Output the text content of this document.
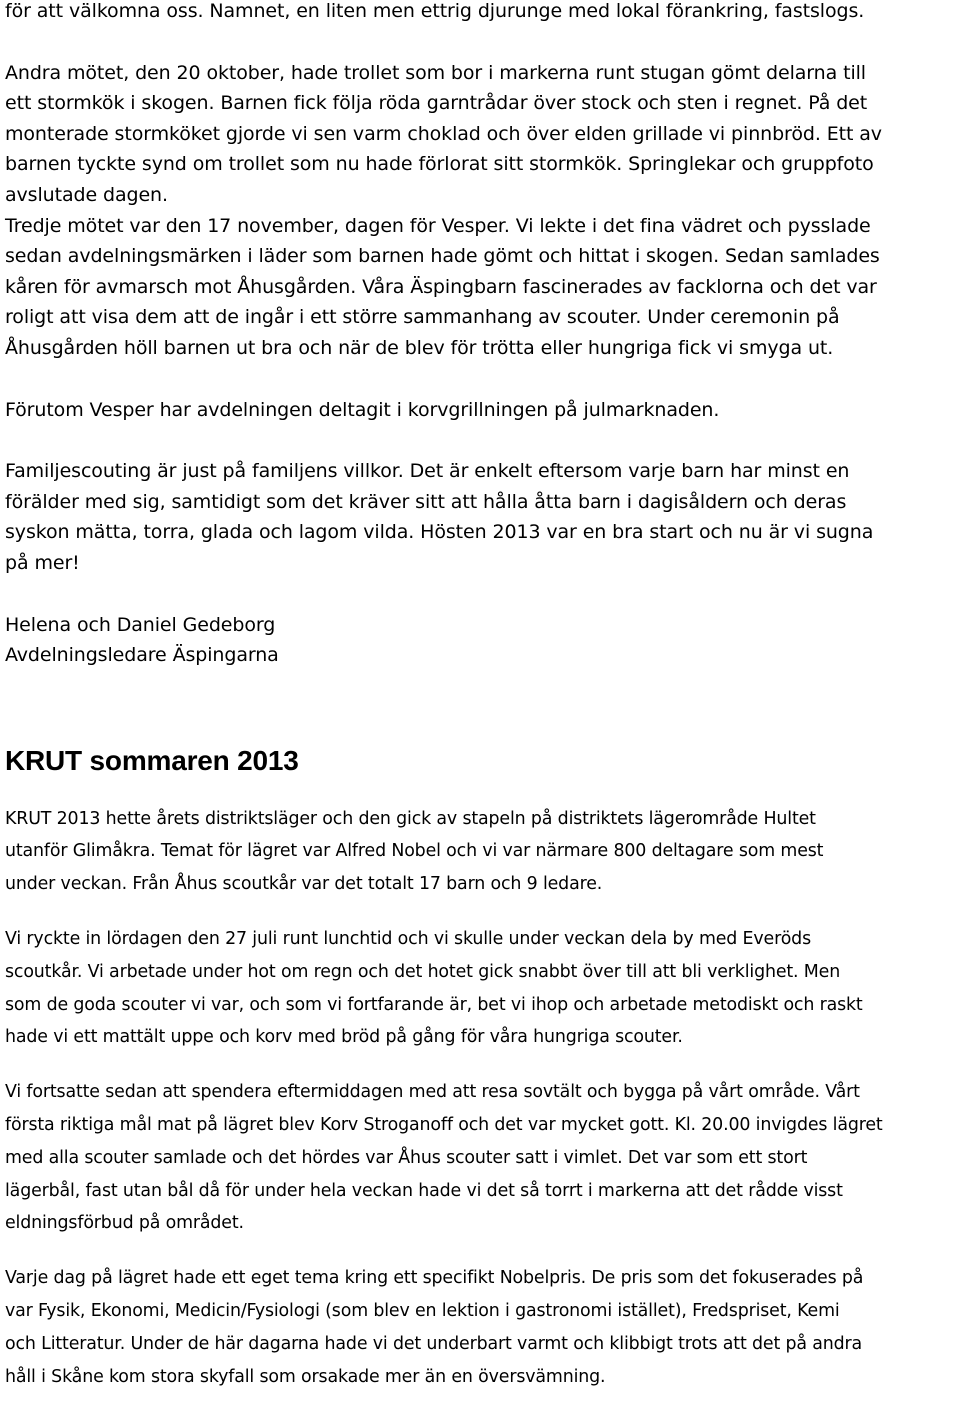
för att välkomna oss. Namnet, en liten men ettrig djurunge med lokal förankring, fastslogs.

Andra mötet, den 20 oktober, hade trollet som bor i markerna runt stugan gömt delarna till
ett stormkök i skogen. Barnen fick följa röda garntrådar över stock och sten i regnet. På det
monterade stormköket gjorde vi sen varm choklad och över elden grillade vi pinnbröd. Ett av
barnen tyckte synd om trollet som nu hade förlorat sitt stormkök. Springlekar och gruppfoto
avslutade dagen.

Tredje mötet var den 17 november, dagen för Vesper. Vi lekte i det fina vädret och pysslade
sedan avdelningsmärken i läder som barnen hade gömt och hittat i skogen. Sedan samlades
kåren för avmarsch mot Åhusgården. Våra Äspingbarn fascinerades av facklorna och det var
roligt att visa dem att de ingår i ett större sammanhang av scouter. Under ceremonin på
Åhusgården höll barnen ut bra och när de blev för trötta eller hungriga fick vi smyga ut.

Förutom Vesper har avdelningen deltagit i korvgrillningen på julmarknaden.

Familjescouting är just på familjens villkor. Det är enkelt eftersom varje barn har minst en
förälder med sig, samtidigt som det kräver sitt att hålla åtta barn i dagisåldern och deras
syskon mätta, torra, glada och lagom vilda. Hösten 2013 var en bra start och nu är vi sugna
på mer!

Helena och Daniel Gedeborg
Avdelningsledare Äspingarna

KRUT sommaren 2013

KRUT 2013 hette årets distriktsläger och den gick av stapeln på distriktets lägerområde Hultet
utanför Glimåkra. Temat för lägret var Alfred Nobel och vi var närmare 800 deltagare som mest
under veckan. Från Åhus scoutkår var det totalt 17 barn och 9 ledare.

Vi ryckte in lördagen den 27 juli runt lunchtid och vi skulle under veckan dela by med Everöds
scoutkår. Vi arbetade under hot om regn och det hotet gick snabbt över till att bli verklighet. Men
som de goda scouter vi var, och som vi fortfarande är, bet vi ihop och arbetade metodiskt och raskt
hade vi ett mattält uppe och korv med bröd på gång för våra hungriga scouter.

Vi fortsatte sedan att spendera eftermiddagen med att resa sovtält och bygga på vårt område. Vårt
första riktiga mål mat på lägret blev Korv Stroganoff och det var mycket gott. Kl. 20.00 invigdes lägret
med alla scouter samlade och det hördes var Åhus scouter satt i vimlet. Det var som ett stort
lägerbål, fast utan bål då för under hela veckan hade vi det så torrt i markerna att det rådde visst
eldningsförbud på området.

Varje dag på lägret hade ett eget tema kring ett specifikt Nobelpris. De pris som det fokuserades på
var Fysik, Ekonomi, Medicin/Fysiologi (som blev en lektion i gastronomi istället), Fredspriset, Kemi
och Litteratur. Under de här dagarna hade vi det underbart varmt och klibbigt trots att det på andra
håll i Skåne kom stora skyfall som orsakade mer än en översvämning.
